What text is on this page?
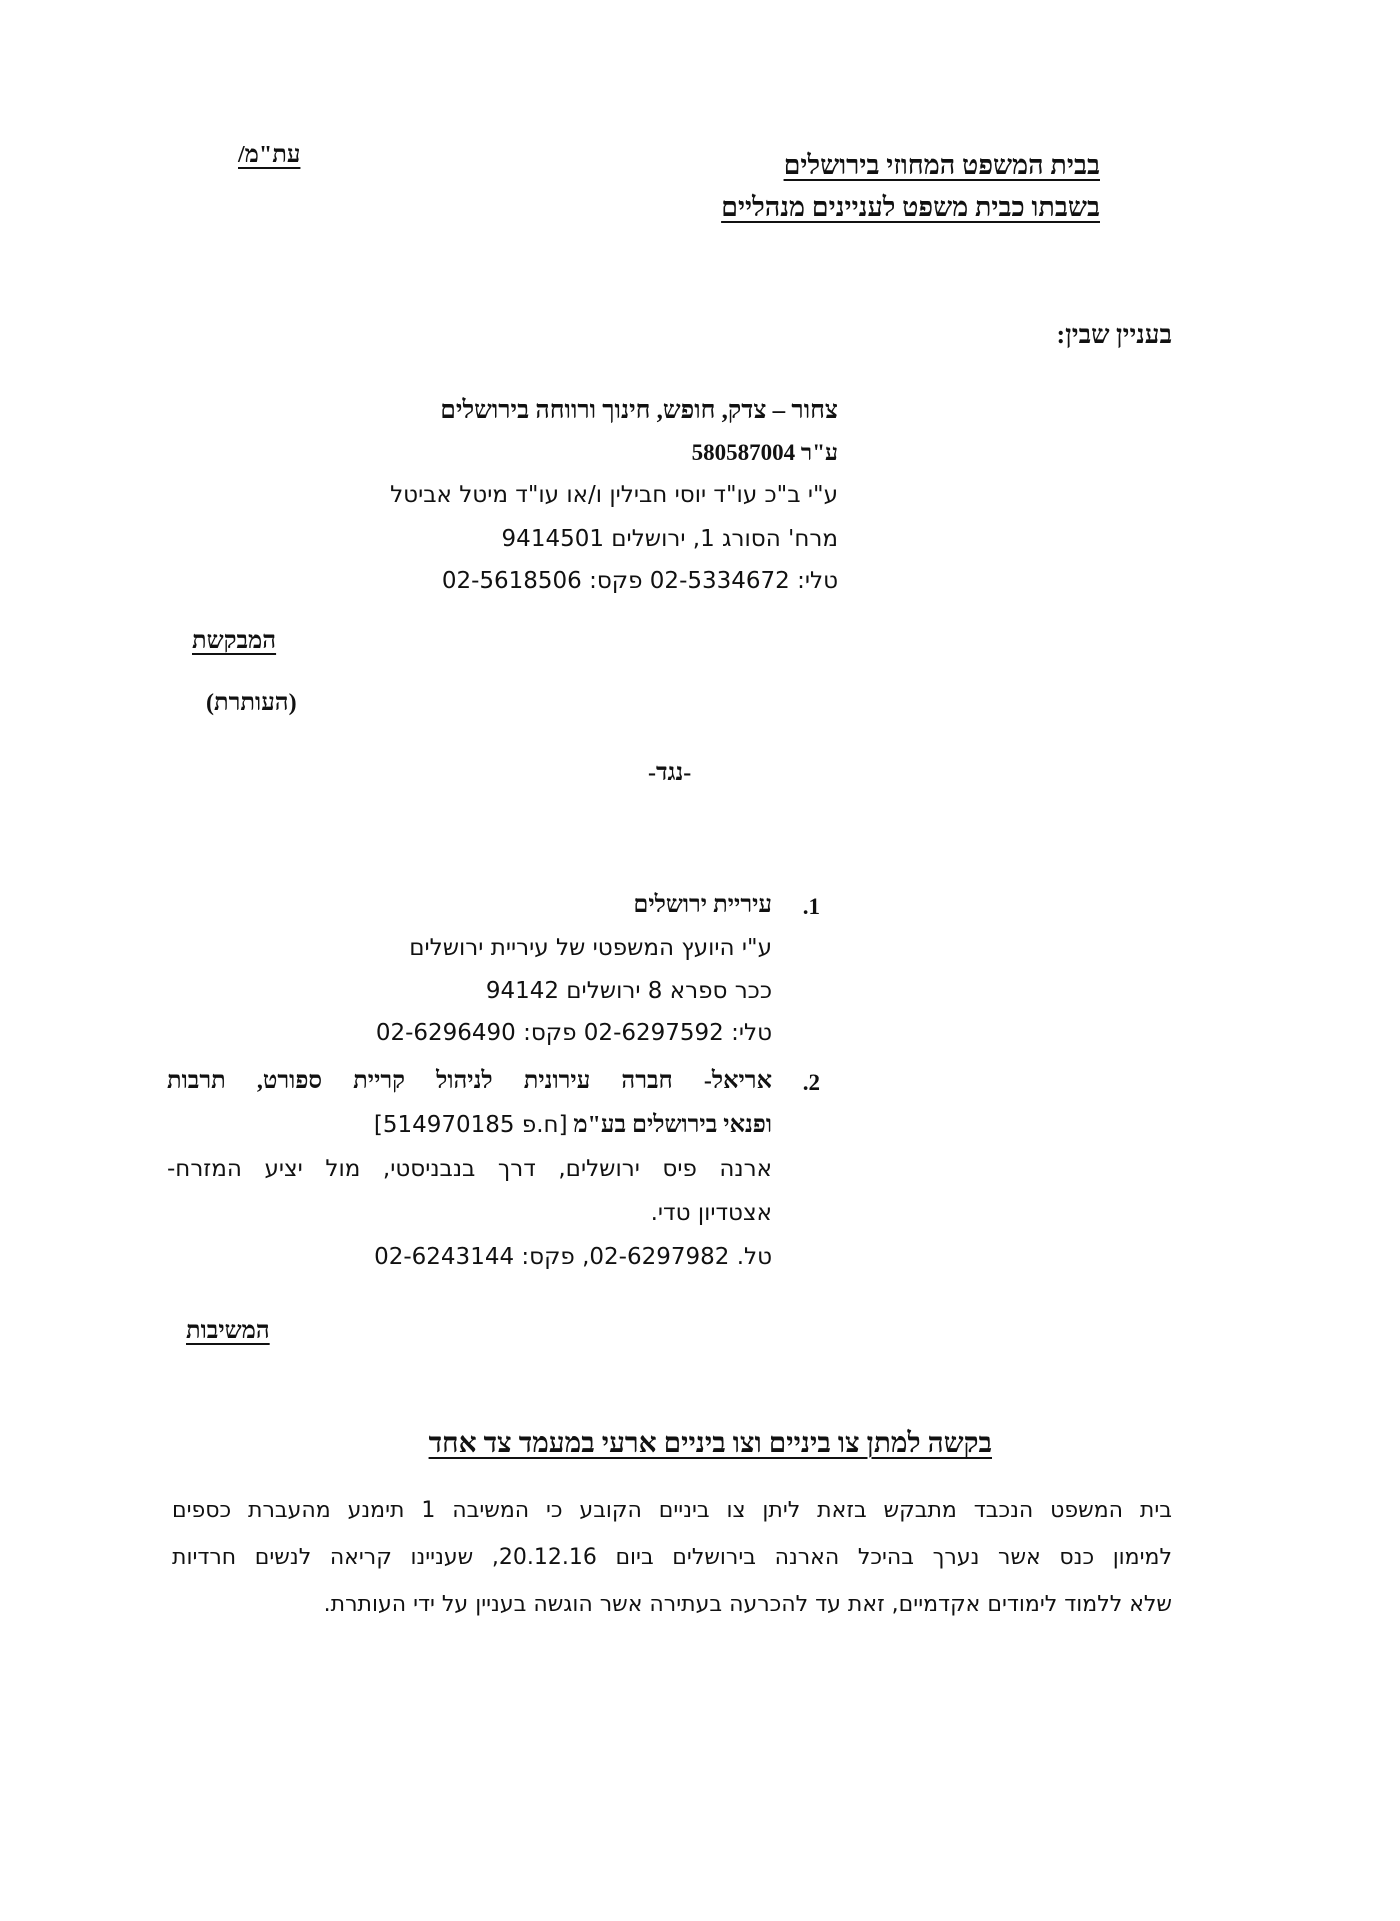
בבית המשפט המחוזי בירושלים
בשבתו כבית משפט לעניינים מנהליים
עת"מ/
בעניין שבין:
צחור – צדק, חופש, חינוך ורווחה בירושלים
ע"ר 580587004
ע"י ב"כ עו"ד יוסי חבילין ו/או עו"ד מיטל אביטל
מרח' הסורג 1, ירושלים 9414501
טלי: 02-5334672 פקס: 02-5618506
המבקשת
(העותרת)
-נגד-
1.
עיריית ירושלים
ע"י היועץ המשפטי של עיריית ירושלים
ככר ספרא 8 ירושלים 94142
טלי: 02-6297592 פקס: 02-6296490
2.
אריאל- חברה עירונית לניהול קריית ספורט, תרבות
ופנאי בירושלים בע"מ [ח.פ 514970185]
ארנה פיס ירושלים, דרך בנבניסטי, מול יציע המזרח-
אצטדיון טדי.
טל. 02-6297982, פקס: 02-6243144
המשיבות
בקשה למתן צו ביניים וצו ביניים ארעי במעמד צד אחד
בית המשפט הנכבד מתבקש בזאת ליתן צו ביניים הקובע כי המשיבה 1 תימנע מהעברת כספים
למימון כנס אשר נערך בהיכל הארנה בירושלים ביום 20.12.16, שעניינו קריאה לנשים חרדיות
שלא ללמוד לימודים אקדמיים, זאת עד להכרעה בעתירה אשר הוגשה בעניין על ידי העותרת.
